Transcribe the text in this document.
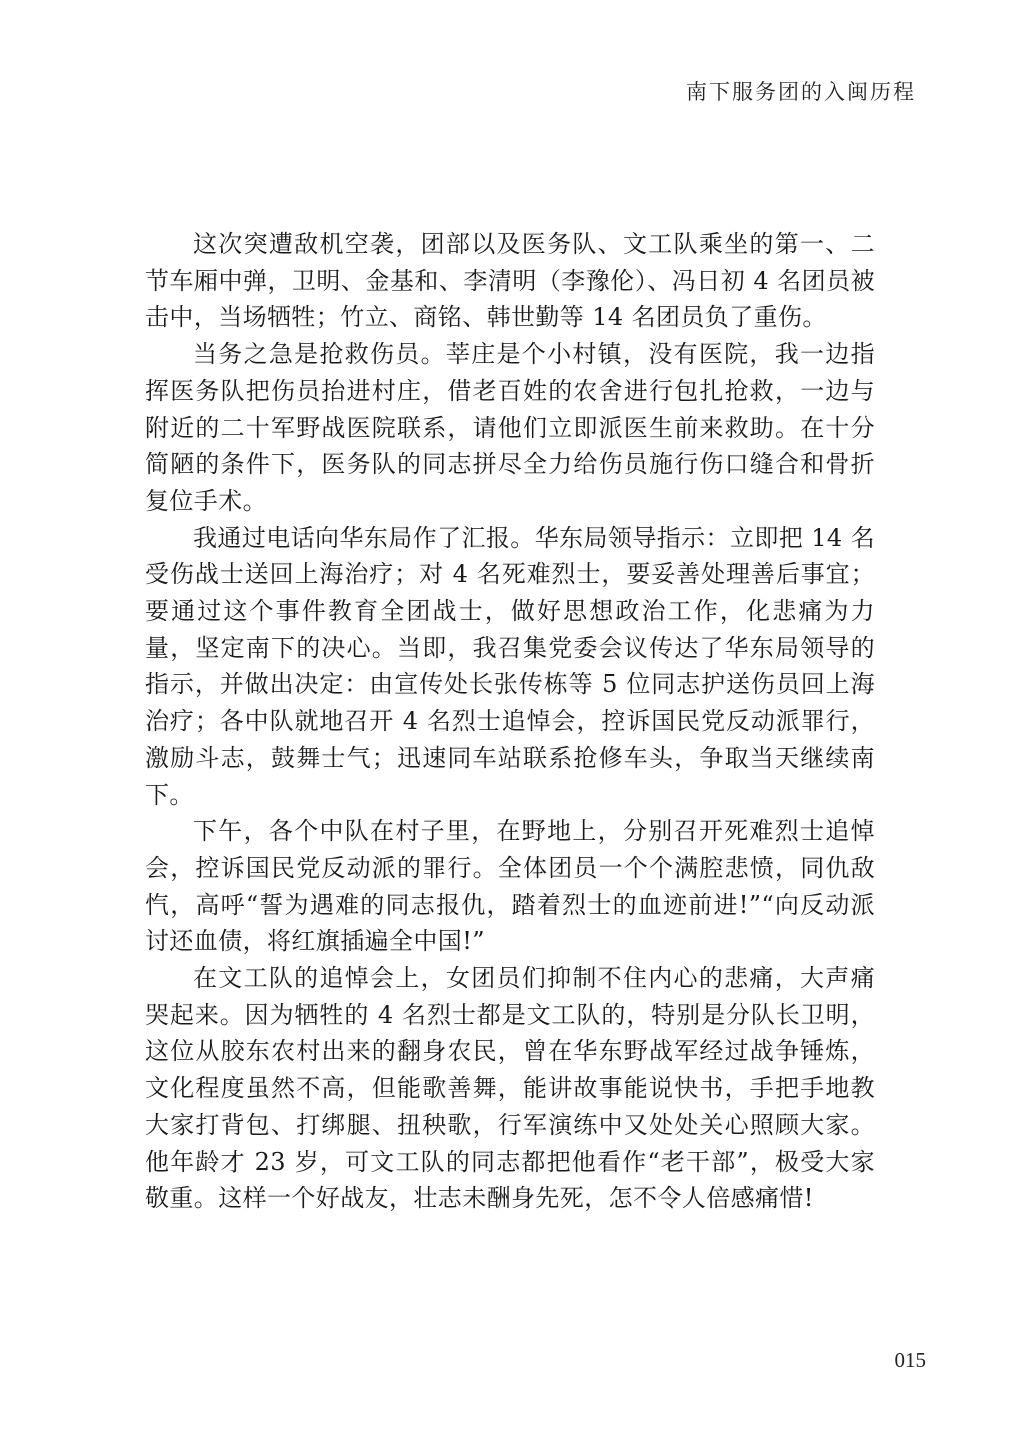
南下服务团的入闽历程

这次突遭敌机空袭，团部以及医务队、文工队乘坐的第一、二节车厢中弹，卫明、金基和、李清明（李豫伦）、冯日初 4 名团员被击中，当场牺牲；竹立、商铭、韩世勤等 14 名团员负了重伤。

当务之急是抢救伤员。莘庄是个小村镇，没有医院，我一边指挥医务队把伤员抬进村庄，借老百姓的农舍进行包扎抢救，一边与附近的二十军野战医院联系，请他们立即派医生前来救助。在十分简陋的条件下，医务队的同志拼尽全力给伤员施行伤口缝合和骨折复位手术。

我通过电话向华东局作了汇报。华东局领导指示：立即把 14 名受伤战士送回上海治疗；对 4 名死难烈士，要妥善处理善后事宜；要通过这个事件教育全团战士，做好思想政治工作，化悲痛为力量，坚定南下的决心。当即，我召集党委会议传达了华东局领导的指示，并做出决定：由宣传处长张传栋等 5 位同志护送伤员回上海治疗；各中队就地召开 4 名烈士追悼会，控诉国民党反动派罪行，激励斗志，鼓舞士气；迅速同车站联系抢修车头，争取当天继续南下。

下午，各个中队在村子里，在野地上，分别召开死难烈士追悼会，控诉国民党反动派的罪行。全体团员一个个满腔悲愤，同仇敌忾，高呼“誓为遇难的同志报仇，踏着烈士的血迹前进!”“向反动派讨还血债，将红旗插遍全中国!”

在文工队的追悼会上，女团员们抑制不住内心的悲痛，大声痛哭起来。因为牺牲的 4 名烈士都是文工队的，特别是分队长卫明，这位从胶东农村出来的翻身农民，曾在华东野战军经过战争锤炼，文化程度虽然不高，但能歌善舞，能讲故事能说快书，手把手地教大家打背包、打绑腿、扭秧歌，行军演练中又处处关心照顾大家。他年龄才 23 岁，可文工队的同志都把他看作“老干部”，极受大家敬重。这样一个好战友，壮志未酬身先死，怎不令人倍感痛惜!

015
